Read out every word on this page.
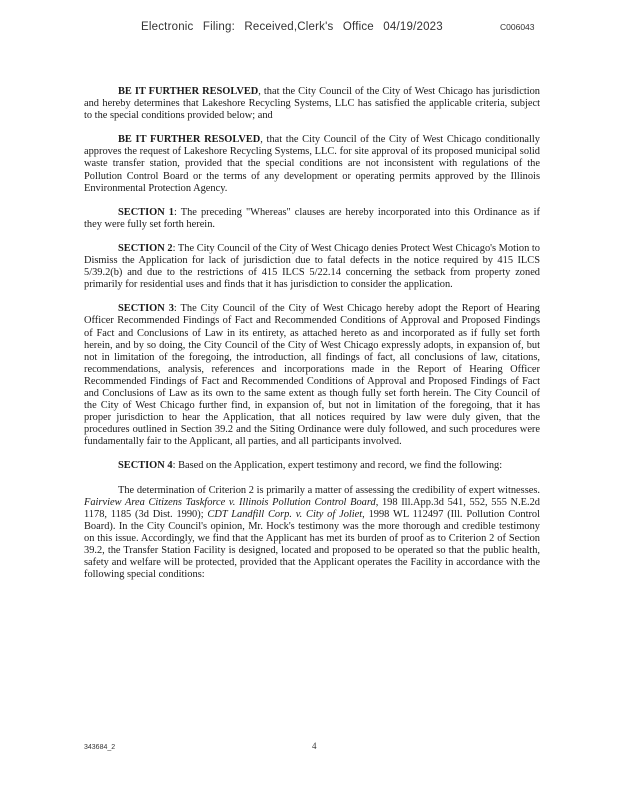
Electronic Filing: Received,Clerk's Office 04/19/2023	C006043

BE IT FURTHER RESOLVED, that the City Council of the City of West Chicago has jurisdiction and hereby determines that Lakeshore Recycling Systems, LLC has satisfied the applicable criteria, subject to the special conditions provided below; and

BE IT FURTHER RESOLVED, that the City Council of the City of West Chicago conditionally approves the request of Lakeshore Recycling Systems, LLC. for site approval of its proposed municipal solid waste transfer station, provided that the special conditions are not inconsistent with regulations of the Pollution Control Board or the terms of any development or operating permits approved by the Illinois Environmental Protection Agency.

SECTION 1: The preceding "Whereas" clauses are hereby incorporated into this Ordinance as if they were fully set forth herein.

SECTION 2: The City Council of the City of West Chicago denies Protect West Chicago's Motion to Dismiss the Application for lack of jurisdiction due to fatal defects in the notice required by 415 ILCS 5/39.2(b) and due to the restrictions of 415 ILCS 5/22.14 concerning the setback from property zoned primarily for residential uses and finds that it has jurisdiction to consider the application.

SECTION 3: The City Council of the City of West Chicago hereby adopt the Report of Hearing Officer Recommended Findings of Fact and Recommended Conditions of Approval and Proposed Findings of Fact and Conclusions of Law in its entirety, as attached hereto as and incorporated as if fully set forth herein, and by so doing, the City Council of the City of West Chicago expressly adopts, in expansion of, but not in limitation of the foregoing, the introduction, all findings of fact, all conclusions of law, citations, recommendations, analysis, references and incorporations made in the Report of Hearing Officer Recommended Findings of Fact and Recommended Conditions of Approval and Proposed Findings of Fact and Conclusions of Law as its own to the same extent as though fully set forth herein. The City Council of the City of West Chicago further find, in expansion of, but not in limitation of the foregoing, that it has proper jurisdiction to hear the Application, that all notices required by law were duly given, that the procedures outlined in Section 39.2 and the Siting Ordinance were duly followed, and such procedures were fundamentally fair to the Applicant, all parties, and all participants involved.

SECTION 4: Based on the Application, expert testimony and record, we find the following:

The determination of Criterion 2 is primarily a matter of assessing the credibility of expert witnesses. Fairview Area Citizens Taskforce v. Illinois Pollution Control Board, 198 Ill.App.3d 541, 552, 555 N.E.2d 1178, 1185 (3d Dist. 1990); CDT Landfill Corp. v. City of Joliet, 1998 WL 112497 (Ill. Pollution Control Board). In the City Council's opinion, Mr. Hock's testimony was the more thorough and credible testimony on this issue. Accordingly, we find that the Applicant has met its burden of proof as to Criterion 2 of Section 39.2, the Transfer Station Facility is designed, located and proposed to be operated so that the public health, safety and welfare will be protected, provided that the Applicant operates the Facility in accordance with the following special conditions:

343684_2	4
